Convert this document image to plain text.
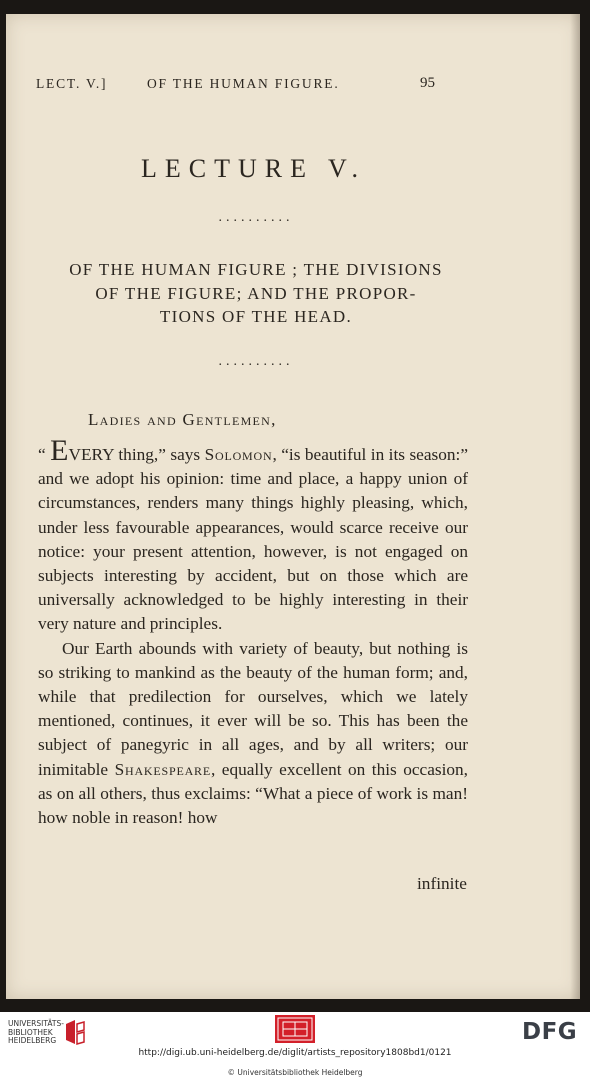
LECT. V.]	OF THE HUMAN FIGURE.	95
LECTURE V.
..........
OF THE HUMAN FIGURE ; THE DIVISIONS
OF THE FIGURE; AND THE PROPOR-
TIONS OF THE HEAD.
..........
Ladies and Gentlemen,

“ EVERY thing,” says Solomon, “is beautiful in its season:” and we adopt his opinion: time and place, a happy union of circumstances, renders many things highly pleasing, which, under less favourable appearances, would scarce receive our notice: your present attention, however, is not engaged on subjects interesting by accident, but on those which are universally acknowledged to be highly interesting in their very nature and principles.

Our Earth abounds with variety of beauty, but nothing is so striking to mankind as the beauty of the human form; and, while that predilection for ourselves, which we lately mentioned, continues, it ever will be so. This has been the subject of panegyric in all ages, and by all writers; our inimitable Shakespeare, equally excellent on this occasion, as on all others, thus exclaims: “What a piece of work is man! how noble in reason! how

infinite
UNIVERSITÄTS-
BIBLIOTHEK
HEIDELBERG	DFG
http://digi.ub.uni-heidelberg.de/diglit/artists_repository1808bd1/0121
© Universitätsbibliothek Heidelberg
